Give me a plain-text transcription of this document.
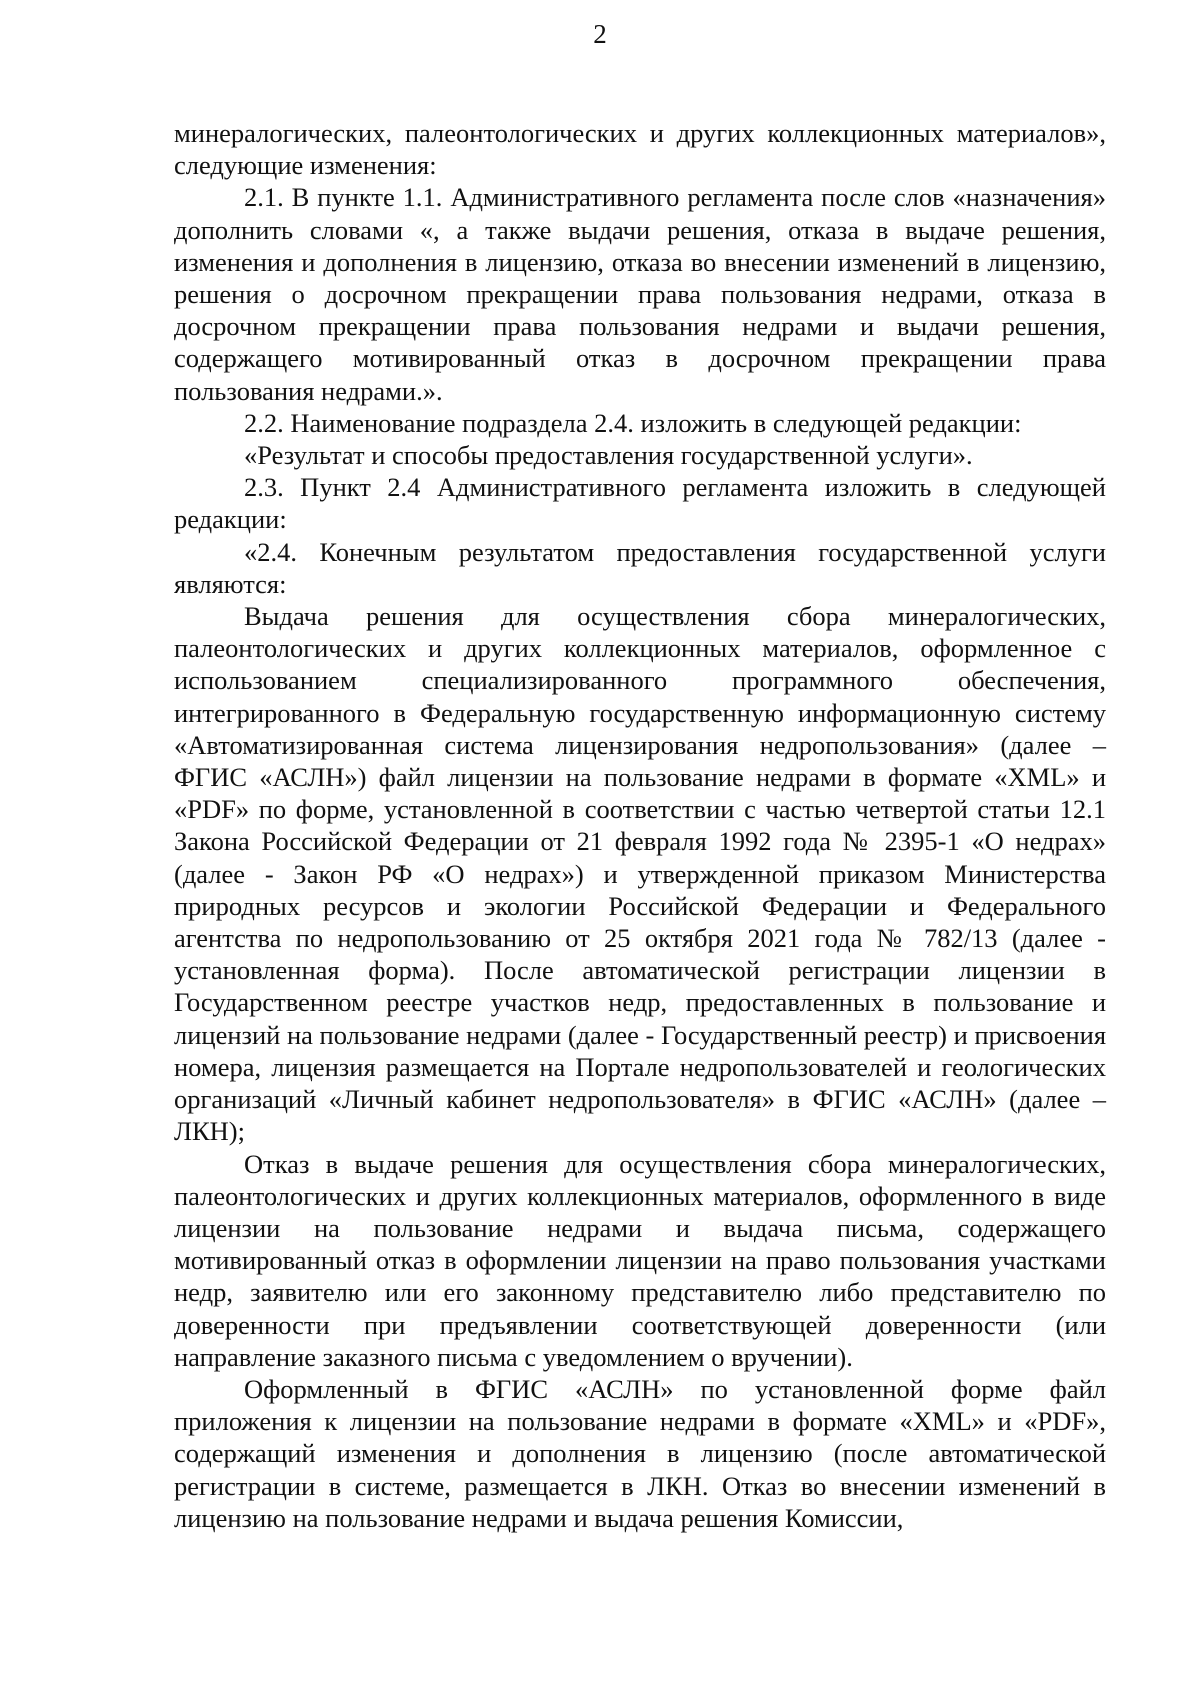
2

минералогических, палеонтологических и других коллекционных материалов», следующие изменения:

2.1. В пункте 1.1. Административного регламента после слов «назначения» дополнить словами «, а также выдачи решения, отказа в выдаче решения, изменения и дополнения в лицензию, отказа во внесении изменений в лицензию, решения о досрочном прекращении права пользования недрами, отказа в досрочном прекращении права пользования недрами и выдачи решения, содержащего мотивированный отказ в досрочном прекращении права пользования недрами.».

2.2. Наименование подраздела 2.4. изложить в следующей редакции:

«Результат и способы предоставления государственной услуги».

2.3. Пункт 2.4 Административного регламента изложить в следующей редакции:

«2.4. Конечным результатом предоставления государственной услуги являются:

Выдача решения для осуществления сбора минералогических, палеонтологических и других коллекционных материалов, оформленное с использованием специализированного программного обеспечения, интегрированного в Федеральную государственную информационную систему «Автоматизированная система лицензирования недропользования» (далее – ФГИС «АСЛН») файл лицензии на пользование недрами в формате «XML» и «PDF» по форме, установленной в соответствии с частью четвертой статьи 12.1 Закона Российской Федерации от 21 февраля 1992 года № 2395-1 «О недрах» (далее - Закон РФ «О недрах») и утвержденной приказом Министерства природных ресурсов и экологии Российской Федерации и Федерального агентства по недропользованию от 25 октября 2021 года № 782/13 (далее - установленная форма). После автоматической регистрации лицензии в Государственном реестре участков недр, предоставленных в пользование и лицензий на пользование недрами (далее - Государственный реестр) и присвоения номера, лицензия размещается на Портале недропользователей и геологических организаций «Личный кабинет недропользователя» в ФГИС «АСЛН» (далее – ЛКН);

Отказ в выдаче решения для осуществления сбора минералогических, палеонтологических и других коллекционных материалов, оформленного в виде лицензии на пользование недрами и выдача письма, содержащего мотивированный отказ в оформлении лицензии на право пользования участками недр, заявителю или его законному представителю либо представителю по доверенности при предъявлении соответствующей доверенности (или направление заказного письма с уведомлением о вручении).

Оформленный в ФГИС «АСЛН» по установленной форме файл приложения к лицензии на пользование недрами в формате «XML» и «PDF», содержащий изменения и дополнения в лицензию (после автоматической регистрации в системе, размещается в ЛКН. Отказ во внесении изменений в лицензию на пользование недрами и выдача решения Комиссии,
